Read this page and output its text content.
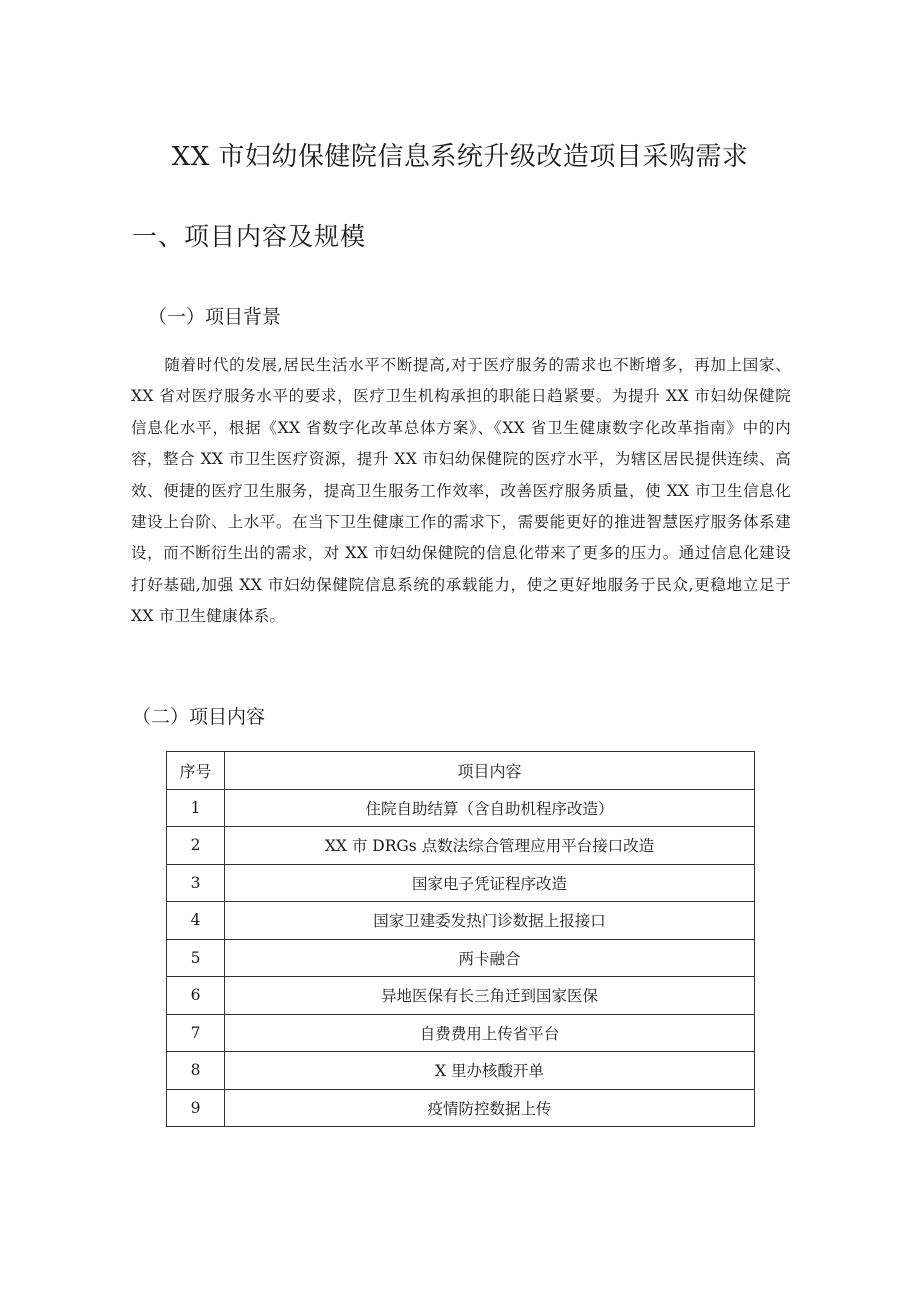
XX 市妇幼保健院信息系统升级改造项目采购需求
一、项目内容及规模
（一）项目背景
随着时代的发展,居民生活水平不断提高,对于医疗服务的需求也不断增多，再加上国家、XX 省对医疗服务水平的要求，医疗卫生机构承担的职能日趋紧要。为提升 XX 市妇幼保健院信息化水平，根据《XX 省数字化改革总体方案》、《XX 省卫生健康数字化改革指南》中的内容，整合 XX 市卫生医疗资源，提升 XX 市妇幼保健院的医疗水平，为辖区居民提供连续、高效、便捷的医疗卫生服务，提高卫生服务工作效率，改善医疗服务质量，使 XX 市卫生信息化建设上台阶、上水平。在当下卫生健康工作的需求下，需要能更好的推进智慧医疗服务体系建设，而不断衍生出的需求，对 XX 市妇幼保健院的信息化带来了更多的压力。通过信息化建设打好基础,加强 XX 市妇幼保健院信息系统的承载能力，使之更好地服务于民众,更稳地立足于 XX 市卫生健康体系。
（二）项目内容
序号	项目内容
1	住院自助结算（含自助机程序改造）
2	XX 市 DRGs 点数法综合管理应用平台接口改造
3	国家电子凭证程序改造
4	国家卫建委发热门诊数据上报接口
5	两卡融合
6	异地医保有长三角迁到国家医保
7	自费费用上传省平台
8	X 里办核酸开单
9	疫情防控数据上传
